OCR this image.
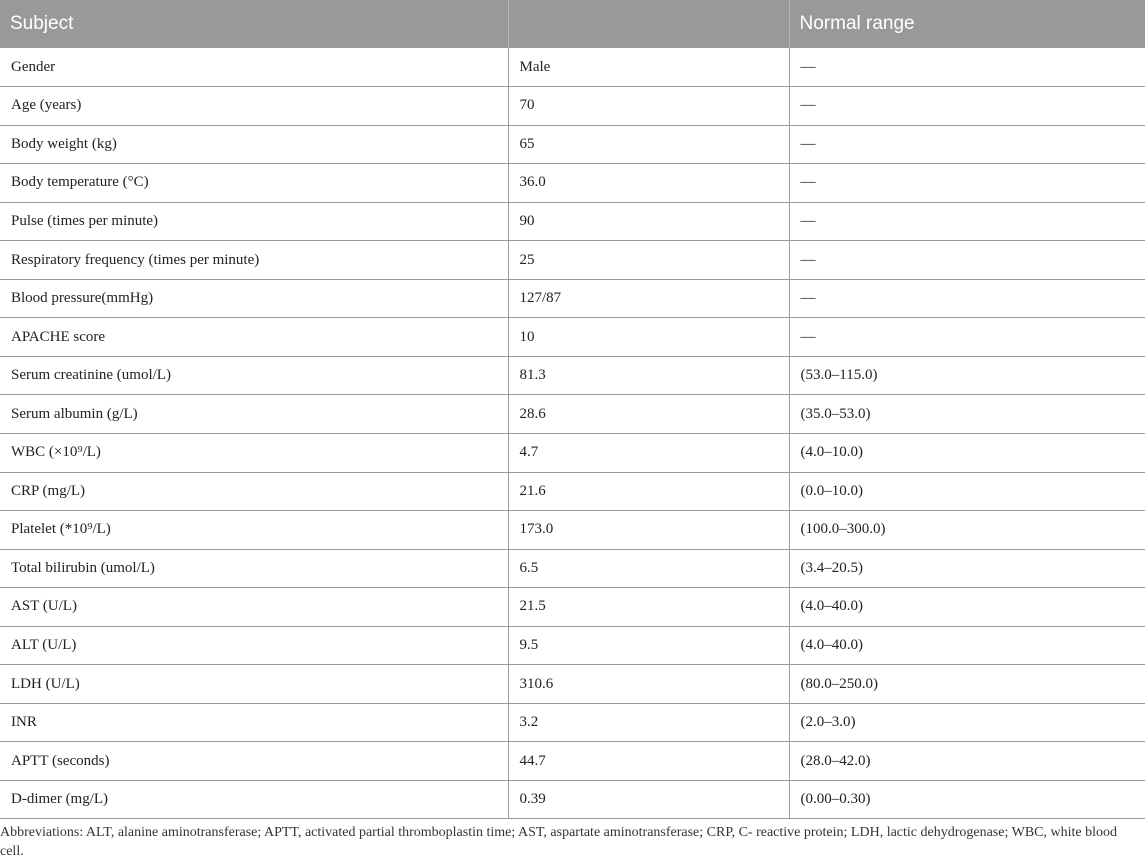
Subject		Normal range
Gender	Male	—
Age (years)	70	—
Body weight (kg)	65	—
Body temperature (°C)	36.0	—
Pulse (times per minute)	90	—
Respiratory frequency (times per minute)	25	—
Blood pressure(mmHg)	127/87	—
APACHE score	10	—
Serum creatinine (umol/L)	81.3	(53.0–115.0)
Serum albumin (g/L)	28.6	(35.0–53.0)
WBC (×10⁹/L)	4.7	(4.0–10.0)
CRP (mg/L)	21.6	(0.0–10.0)
Platelet (*10⁹/L)	173.0	(100.0–300.0)
Total bilirubin (umol/L)	6.5	(3.4–20.5)
AST (U/L)	21.5	(4.0–40.0)
ALT (U/L)	9.5	(4.0–40.0)
LDH (U/L)	310.6	(80.0–250.0)
INR	3.2	(2.0–3.0)
APTT (seconds)	44.7	(28.0–42.0)
D-dimer (mg/L)	0.39	(0.00–0.30)

Abbreviations: ALT, alanine aminotransferase; APTT, activated partial thromboplastin time; AST, aspartate aminotransferase; CRP, C- reactive protein; LDH, lactic dehydrogenase; WBC, white blood cell.
